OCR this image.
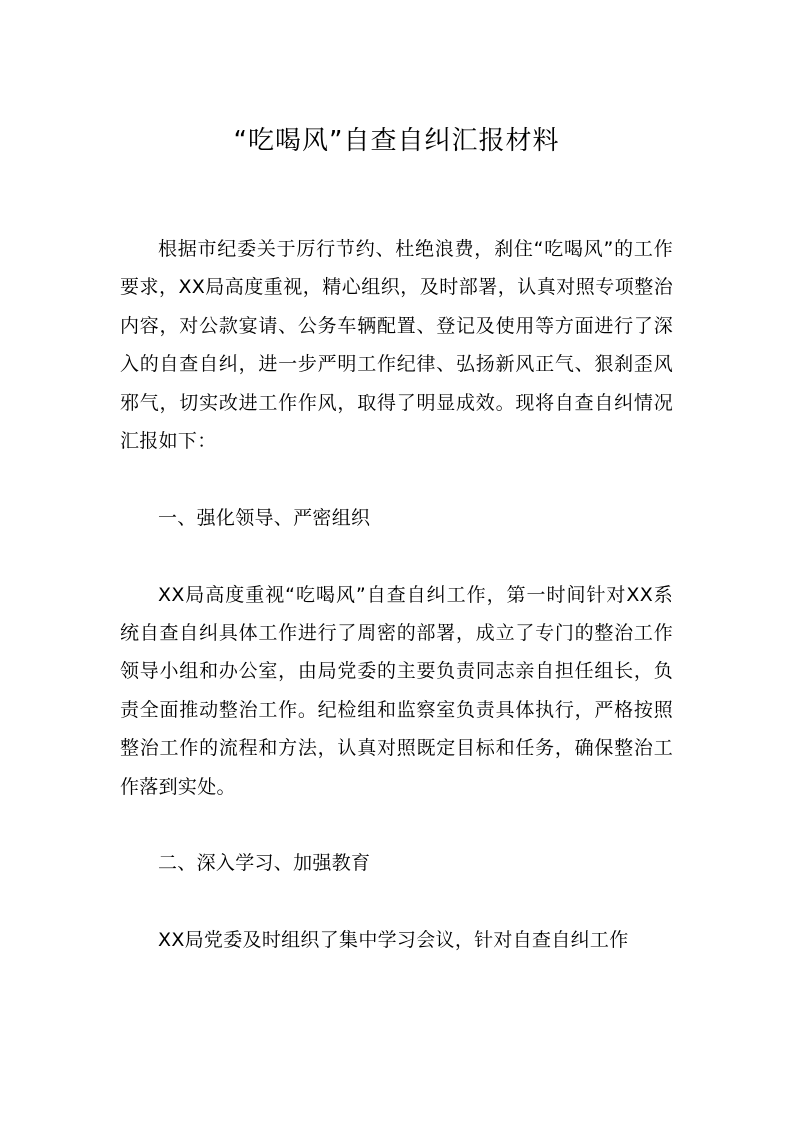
“吃喝风”自查自纠汇报材料

根据市纪委关于厉行节约、杜绝浪费，刹住“吃喝风”的工作要求，XX局高度重视，精心组织，及时部署，认真对照专项整治内容，对公款宴请、公务车辆配置、登记及使用等方面进行了深入的自查自纠，进一步严明工作纪律、弘扬新风正气、狠刹歪风邪气，切实改进工作作风，取得了明显成效。现将自查自纠情况汇报如下：

一、强化领导、严密组织

XX局高度重视“吃喝风”自查自纠工作，第一时间针对XX系统自查自纠具体工作进行了周密的部署，成立了专门的整治工作领导小组和办公室，由局党委的主要负责同志亲自担任组长，负责全面推动整治工作。纪检组和监察室负责具体执行，严格按照整治工作的流程和方法，认真对照既定目标和任务，确保整治工作落到实处。

二、深入学习、加强教育

XX局党委及时组织了集中学习会议，针对自查自纠工作
